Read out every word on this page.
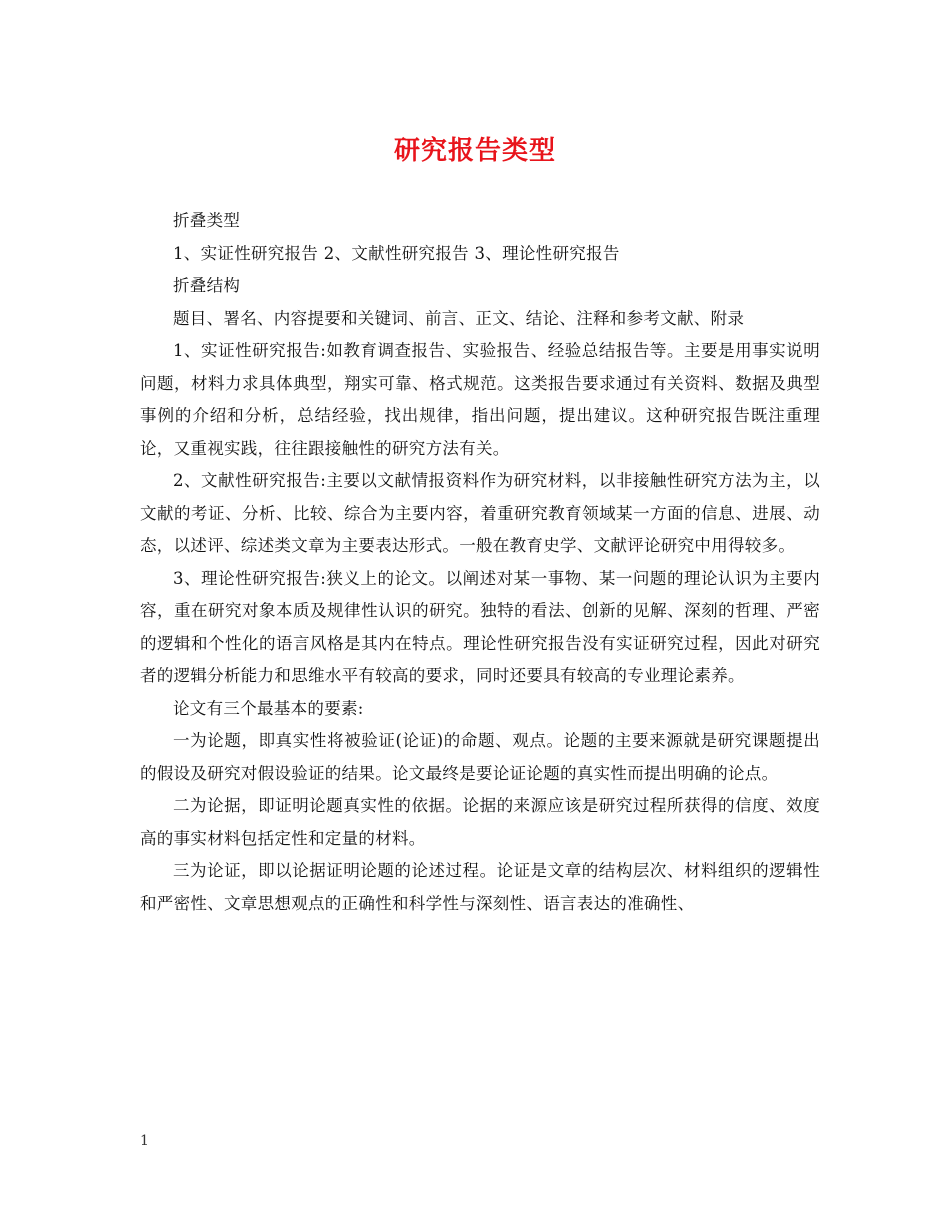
研究报告类型

折叠类型

1、实证性研究报告 2、文献性研究报告 3、理论性研究报告

折叠结构

题目、署名、内容提要和关键词、前言、正文、结论、注释和参考文献、附录

1、实证性研究报告:如教育调查报告、实验报告、经验总结报告等。主要是用事实说明问题，材料力求具体典型，翔实可靠、格式规范。这类报告要求通过有关资料、数据及典型事例的介绍和分析，总结经验，找出规律，指出问题，提出建议。这种研究报告既注重理论，又重视实践，往往跟接触性的研究方法有关。

2、文献性研究报告:主要以文献情报资料作为研究材料，以非接触性研究方法为主，以文献的考证、分析、比较、综合为主要内容，着重研究教育领域某一方面的信息、进展、动态，以述评、综述类文章为主要表达形式。一般在教育史学、文献评论研究中用得较多。

3、理论性研究报告:狭义上的论文。以阐述对某一事物、某一问题的理论认识为主要内容，重在研究对象本质及规律性认识的研究。独特的看法、创新的见解、深刻的哲理、严密的逻辑和个性化的语言风格是其内在特点。理论性研究报告没有实证研究过程，因此对研究者的逻辑分析能力和思维水平有较高的要求，同时还要具有较高的专业理论素养。

论文有三个最基本的要素:

一为论题，即真实性将被验证(论证)的命题、观点。论题的主要来源就是研究课题提出的假设及研究对假设验证的结果。论文最终是要论证论题的真实性而提出明确的论点。

二为论据，即证明论题真实性的依据。论据的来源应该是研究过程所获得的信度、效度高的事实材料包括定性和定量的材料。

三为论证，即以论据证明论题的论述过程。论证是文章的结构层次、材料组织的逻辑性和严密性、文章思想观点的正确性和科学性与深刻性、语言表达的准确性、

1
